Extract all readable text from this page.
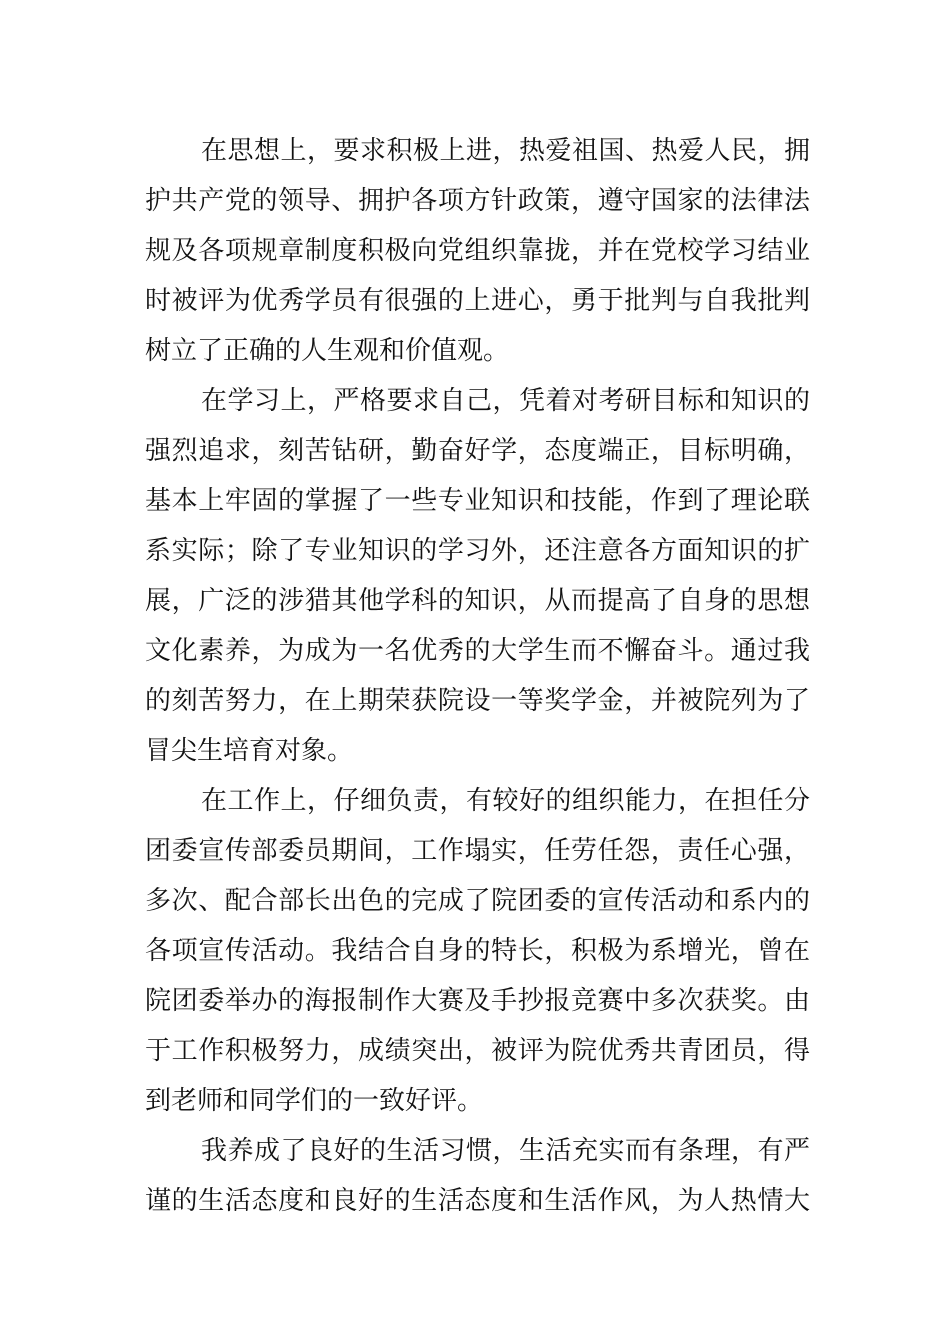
在思想上，要求积极上进，热爱祖国、热爱人民，拥
护共产党的领导、拥护各项方针政策，遵守国家的法律法
规及各项规章制度积极向党组织靠拢，并在党校学习结业
时被评为优秀学员有很强的上进心，勇于批判与自我批判
树立了正确的人生观和价值观。
在学习上，严格要求自己，凭着对考研目标和知识的
强烈追求，刻苦钻研，勤奋好学，态度端正，目标明确，
基本上牢固的掌握了一些专业知识和技能，作到了理论联
系实际；除了专业知识的学习外，还注意各方面知识的扩
展，广泛的涉猎其他学科的知识，从而提高了自身的思想
文化素养，为成为一名优秀的大学生而不懈奋斗。通过我
的刻苦努力，在上期荣获院设一等奖学金，并被院列为了
冒尖生培育对象。
在工作上，仔细负责，有较好的组织能力，在担任分
团委宣传部委员期间，工作塌实，任劳任怨，责任心强，
多次、配合部长出色的完成了院团委的宣传活动和系内的
各项宣传活动。我结合自身的特长，积极为系增光，曾在
院团委举办的海报制作大赛及手抄报竞赛中多次获奖。由
于工作积极努力，成绩突出，被评为院优秀共青团员，得
到老师和同学们的一致好评。
我养成了良好的生活习惯，生活充实而有条理，有严
谨的生活态度和良好的生活态度和生活作风，为人热情大
